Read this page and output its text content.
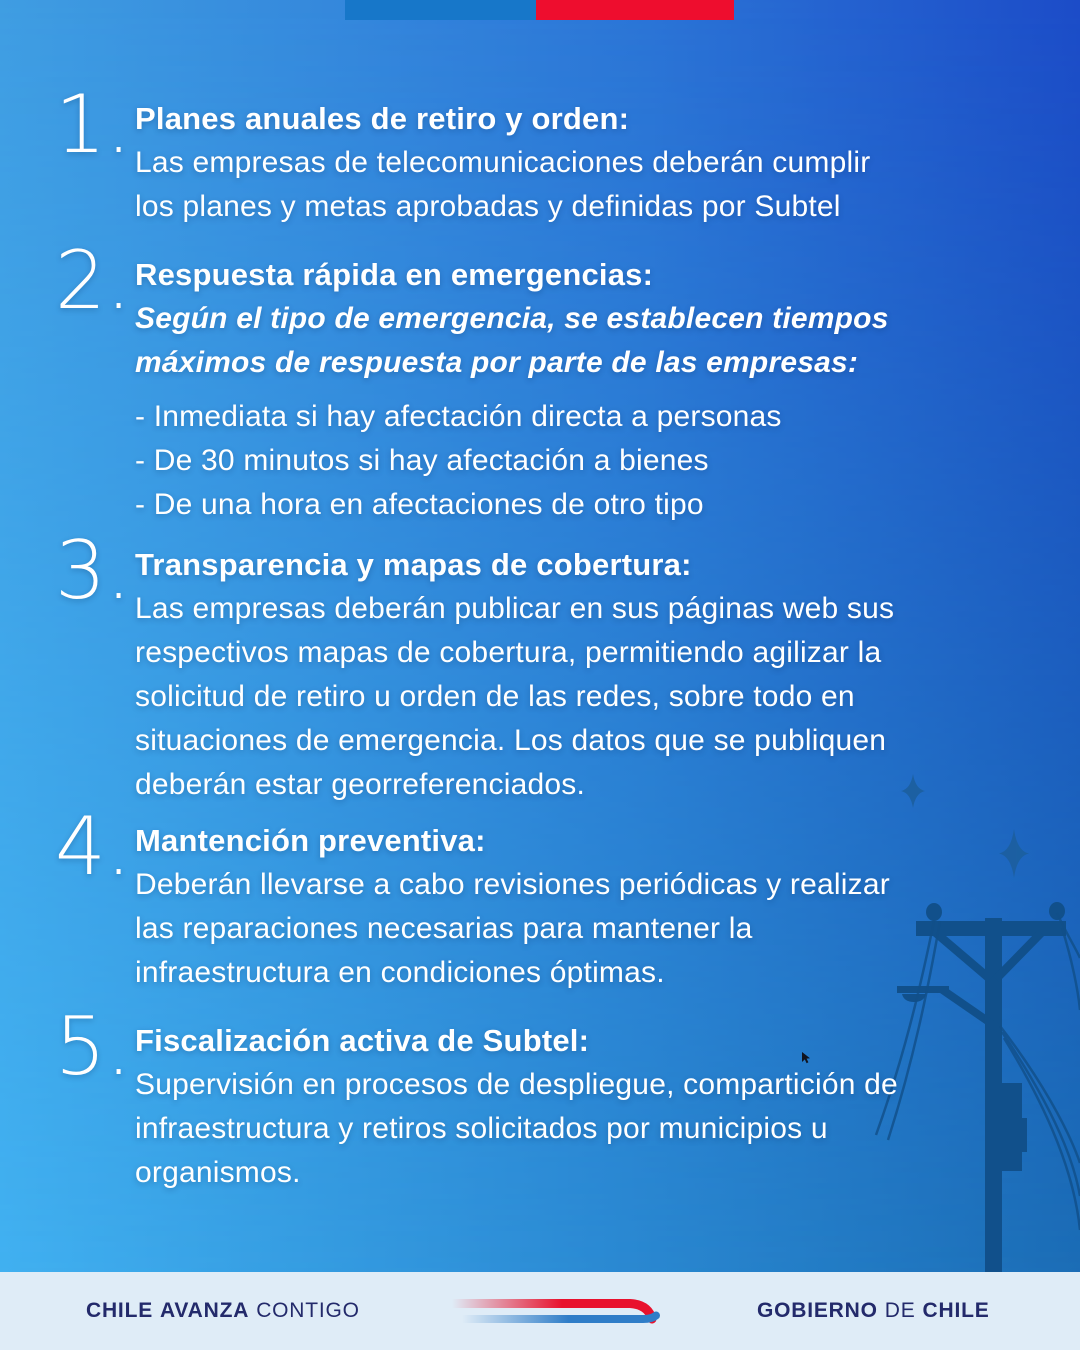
1. Planes anuales de retiro y orden:
Las empresas de telecomunicaciones deberán cumplir
los planes y metas aprobadas y definidas por Subtel
2. Respuesta rápida en emergencias:
Según el tipo de emergencia, se establecen tiempos
máximos de respuesta por parte de las empresas:
- Inmediata si hay afectación directa a personas
- De 30 minutos si hay afectación a bienes
- De una hora en afectaciones de otro tipo
3. Transparencia y mapas de cobertura:
Las empresas deberán publicar en sus páginas web sus
respectivos mapas de cobertura, permitiendo agilizar la
solicitud de retiro u orden de las redes, sobre todo en
situaciones de emergencia. Los datos que se publiquen
deberán estar georreferenciados.
4. Mantención preventiva:
Deberán llevarse a cabo revisiones periódicas y realizar
las reparaciones necesarias para mantener la
infraestructura en condiciones óptimas.
5. Fiscalización activa de Subtel:
Supervisión en procesos de despliegue, compartición de
infraestructura y retiros solicitados por municipios u
organismos.
CHILE AVANZA CONTIGO	GOBIERNO DE CHILE
